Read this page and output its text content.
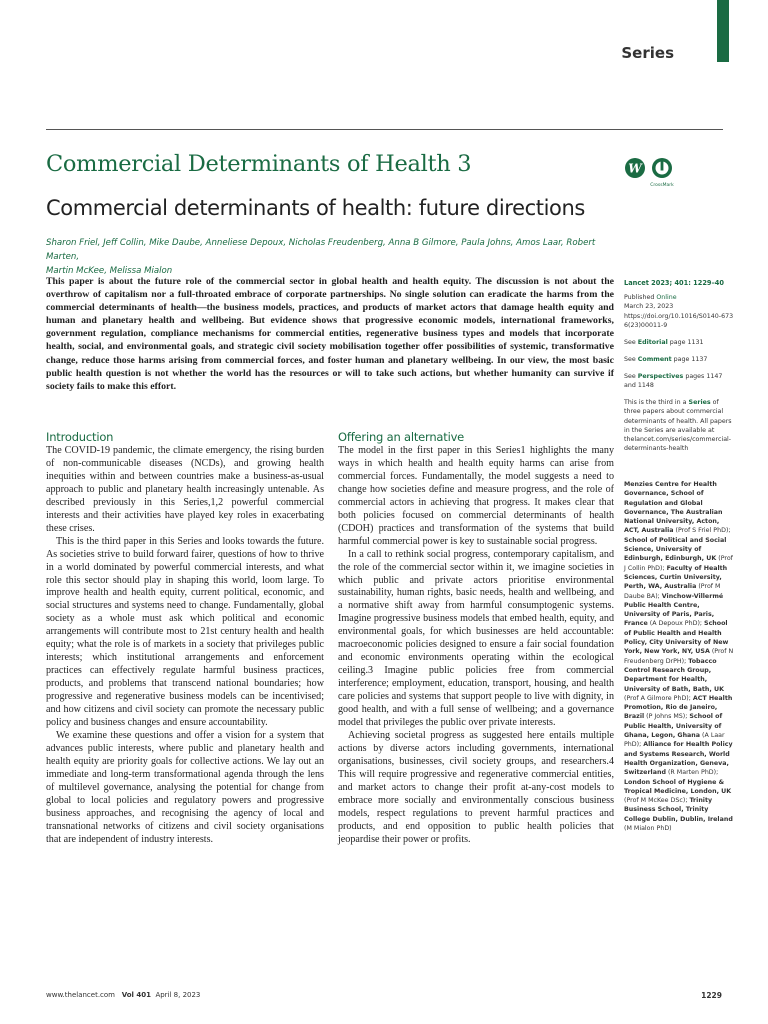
Series
Commercial Determinants of Health 3
Commercial determinants of health: future directions
W
CrossMark
Sharon Friel, Jeff Collin, Mike Daube, Anneliese Depoux, Nicholas Freudenberg, Anna B Gilmore, Paula Johns, Amos Laar, Robert Marten,
Martin McKee, Melissa Mialon
This paper is about the future role of the commercial sector in global health and health equity. The discussion is not about the overthrow of capitalism nor a full-throated embrace of corporate partnerships. No single solution can eradicate the harms from the commercial determinants of health—the business models, practices, and products of market actors that damage health equity and human and planetary health and wellbeing. But evidence shows that progressive economic models, international frameworks, government regulation, compliance mechanisms for commercial entities, regenerative business types and models that incorporate health, social, and environmental goals, and strategic civil society mobilisation together offer possibilities of systemic, transformative change, reduce those harms arising from commercial forces, and foster human and planetary wellbeing. In our view, the most basic public health question is not whether the world has the resources or will to take such actions, but whether humanity can survive if society fails to make this effort.
Introduction

The COVID-19 pandemic, the climate emergency, the rising burden of non-communicable diseases (NCDs), and growing health inequities within and between countries make a business-as-usual approach to public and planetary health increasingly untenable. As described previously in this Series,1,2 powerful commercial interests and their activities have played key roles in exacerbating these crises.

This is the third paper in this Series and looks towards the future. As societies strive to build forward fairer, questions of how to thrive in a world dominated by powerful commercial interests, and what role this sector should play in shaping this world, loom large. To improve health and health equity, current political, economic, and social structures and systems need to change. Fundamentally, global society as a whole must ask which political and economic arrangements will contribute most to 21st century health and health equity; what the role is of markets in a society that privileges public interests; which institutional arrangements and enforcement practices can effectively regulate harmful business practices, products, and problems that transcend national boundaries; how progressive and regenerative business models can be incentivised; and how citizens and civil society can promote the necessary public policy and business changes and ensure accountability.

We examine these questions and offer a vision for a system that advances public interests, where public and planetary health and health equity are priority goals for collective actions. We lay out an immediate and long-term transformational agenda through the lens of multilevel governance, analysing the potential for change from global to local policies and regulatory powers and progressive business approaches, and recognising the agency of local and transnational networks of citizens and civil society organisations that are independent of industry interests.

Offering an alternative

The model in the first paper in this Series1 highlights the many ways in which health and health equity harms can arise from commercial forces. Fundamentally, the model suggests a need to change how societies define and measure progress, and the role of commercial actors in achieving that progress. It makes clear that both policies focused on commercial determinants of health (CDOH) practices and transformation of the systems that build harmful commercial power is key to sustainable social progress.

In a call to rethink social progress, contemporary capitalism, and the role of the commercial sector within it, we imagine societies in which public and private actors prioritise environmental sustainability, human rights, basic needs, health and wellbeing, and a normative shift away from harmful consumptogenic systems. Imagine progressive business models that embed health, equity, and environmental goals, for which businesses are held accountable: macroeconomic policies designed to ensure a fair social foundation and economic environments operating within the ecological ceiling.3 Imagine public policies free from commercial interference; employment, education, transport, housing, and health care policies and systems that support people to live with dignity, in good health, and with a full sense of wellbeing; and a governance model that privileges the public over private interests.

Achieving societal progress as suggested here entails multiple actions by diverse actors including governments, international organisations, businesses, civil society groups, and researchers.4 This will require progressive and regenerative commercial entities, and market actors to change their profit at-any-cost models to embrace more socially and environmentally conscious business models, respect regulations to prevent harmful practices and products, and end opposition to public health policies that jeopardise their power or profits.

Lancet 2023; 401: 1229–40
Published Online
March 23, 2023
https://doi.org/10.1016/S0140-6736(23)00011-9
See Editorial page 1131
See Comment page 1137
See Perspectives pages 1147 and 1148
This is the third in a Series of three papers about commercial determinants of health. All papers in the Series are available at thelancet.com/series/commercial-determinants-health
Menzies Centre for Health Governance, School of Regulation and Global Governance, The Australian National University, Acton, ACT, Australia (Prof S Friel PhD); School of Political and Social Science, University of Edinburgh, Edinburgh, UK (Prof J Collin PhD); Faculty of Health Sciences, Curtin University, Perth, WA, Australia (Prof M Daube BA); Vinchow-Villermé Public Health Centre, University of Paris, Paris, France (A Depoux PhD); School of Public Health and Health Policy, City University of New York, New York, NY, USA (Prof N Freudenberg DrPH); Tobacco Control Research Group, Department for Health, University of Bath, Bath, UK (Prof A Gilmore PhD); ACT Health Promotion, Rio de Janeiro, Brazil (P Johns MS); School of Public Health, University of Ghana, Legon, Ghana (A Laar PhD); Alliance for Health Policy and Systems Research, World Health Organization, Geneva, Switzerland (R Marten PhD); London School of Hygiene & Tropical Medicine, London, UK (Prof M McKee DSc); Trinity Business School, Trinity College Dublin, Dublin, Ireland (M Mialon PhD)
www.thelancet.com Vol 401 April 8, 2023	1229
